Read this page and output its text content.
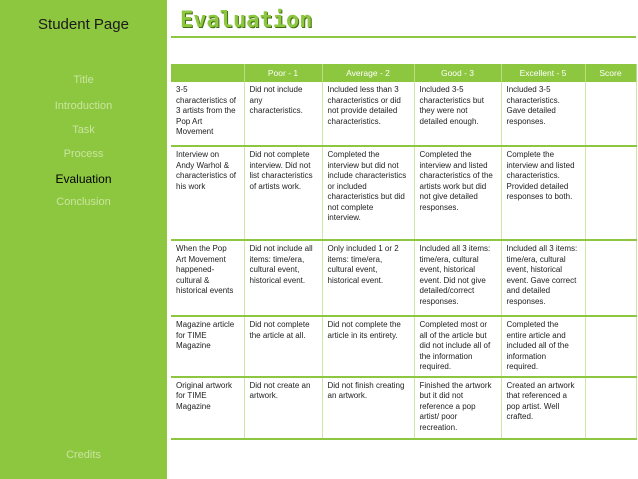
Student Page
Title
Introduction
Task
Process
Evaluation
Conclusion
Credits
Evaluation
	Poor - 1	Average - 2	Good - 3	Excellent - 5	Score
3-5 characteristics of 3 artists from the Pop Art Movement	Did not include any characteristics.	Included less than 3 characteristics or did not provide detailed characteristics.	Included 3-5 characteristics but they were not detailed enough.	Included 3-5 characteristics. Gave detailed responses.	
Interview on Andy Warhol & characteristics of his work	Did not complete interview. Did not list characteristics of artists work.	Completed the interview but did not include characteristics or included characteristics but did not complete interview.	Completed the interview and listed characteristics of the artists work but did not give detailed responses.	Complete the interview and listed characteristics. Provided detailed responses to both.	
When the Pop Art Movement happened- cultural & historical events	Did not include all items: time/era, cultural event, historical event.	Only included 1 or 2 items: time/era, cultural event, historical event.	Included all 3 items: time/era, cultural event, historical event. Did not give detailed/correct responses.	Included all 3 items: time/era, cultural event, historical event. Gave correct and detailed responses.	
Magazine article for TIME Magazine	Did not complete the article at all.	Did not complete the article in its entirety.	Completed most or all of the article but did not include all of the information required.	Completed the entire article and included all of the information required.	
Original artwork for TIME Magazine	Did not create an artwork.	Did not finish creating an artwork.	Finished the artwork but it did not reference a pop artist/ poor recreation.	Created an artwork that referenced a pop artist. Well crafted.	
